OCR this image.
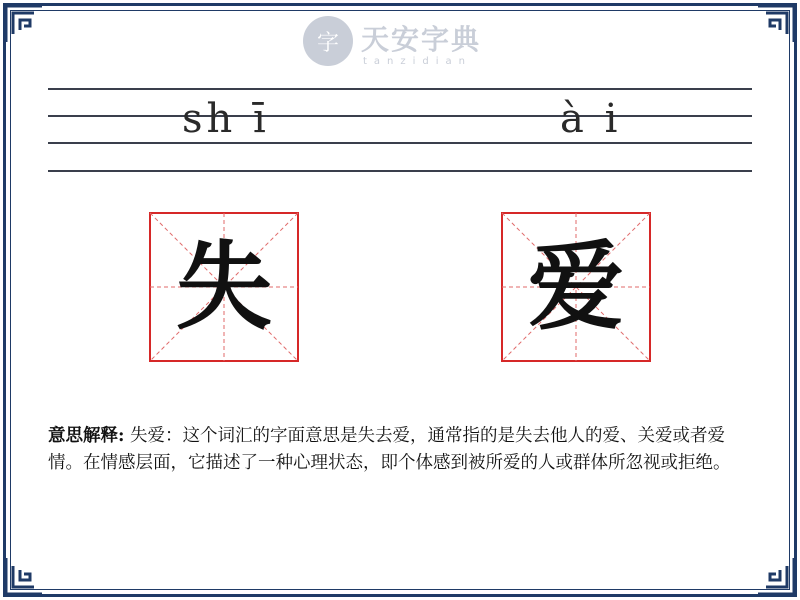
字 天安字典
tanzidian
sh ī	à i
失	爱
意思解释: 失爱：这个词汇的字面意思是失去爱，通常指的是失去他人的爱、关爱或者爱情。在情感层面，它描述了一种心理状态，即个体感到被所爱的人或群体所忽视或拒绝。
